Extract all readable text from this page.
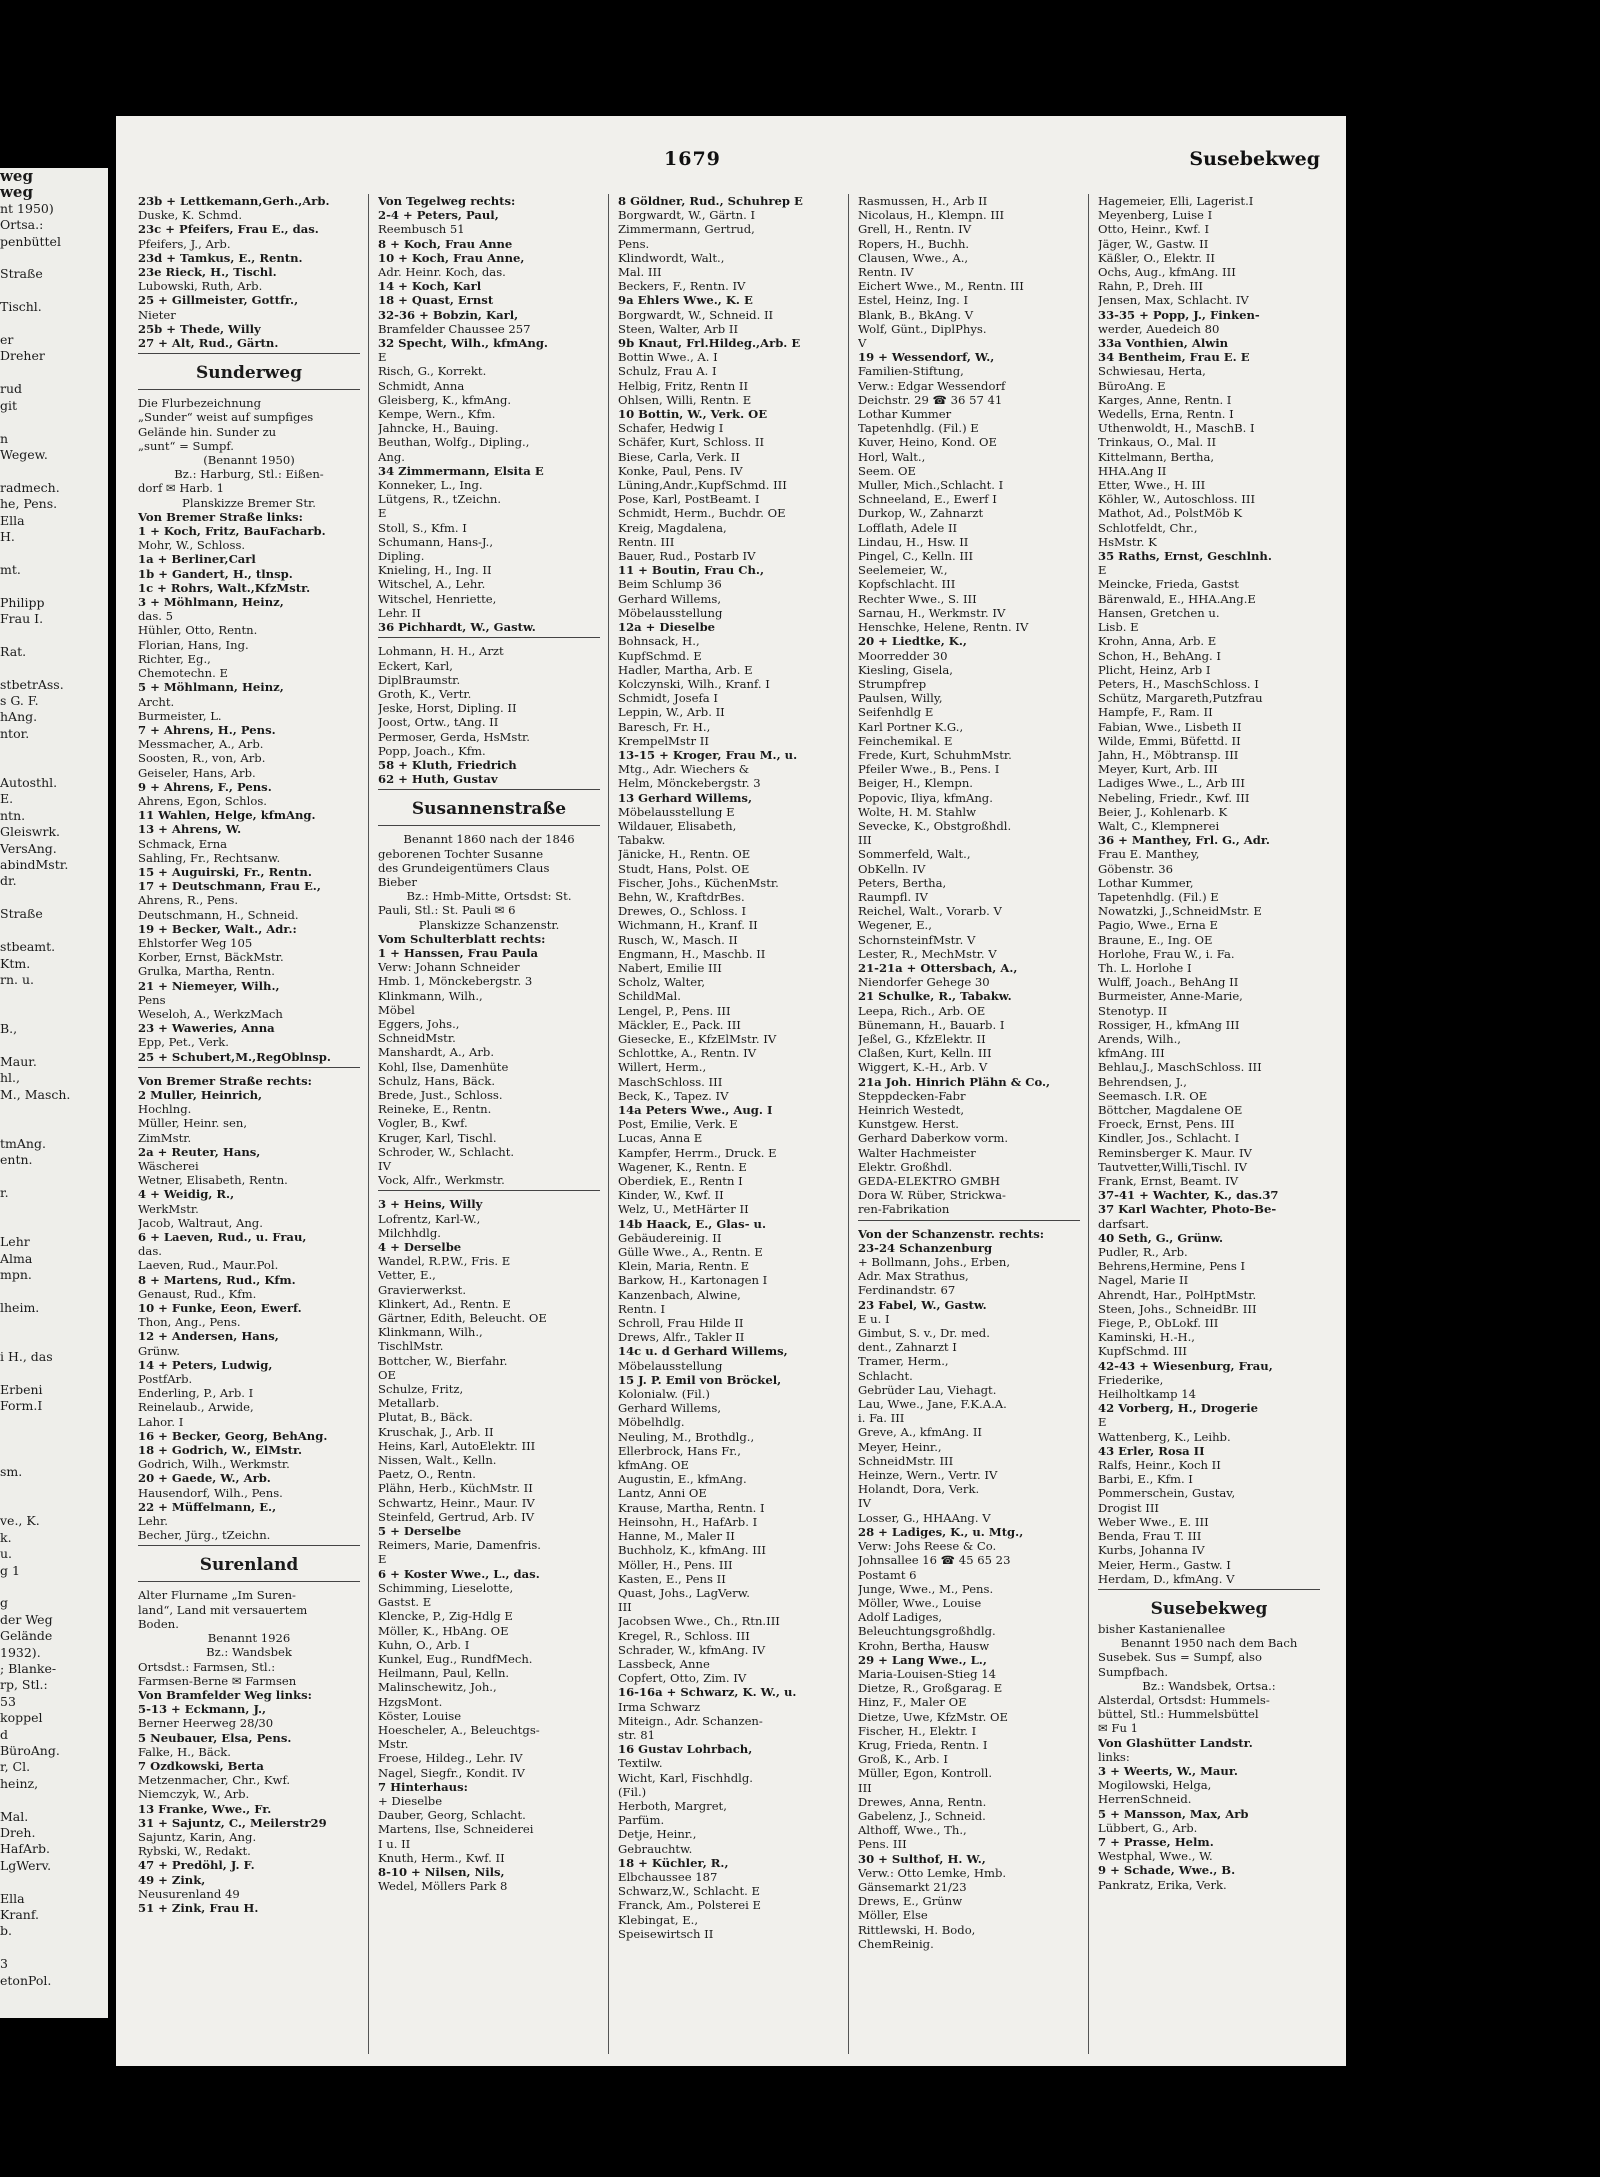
weg
weg
nt 1950)
Ortsa.:
penbüttel

Straße

Tischl.

er
Dreher

rud
git

n
Wegew.

radmech.
he, Pens.
Ella
H.

mt.

Philipp
Frau I.

Rat.

stbetrAss.
s G. F.
hAng.
ntor.

Autosthl.
E.
ntn.
Gleiswrk.
VersAng.
abindMstr.
dr.

Straße

stbeamt.
Ktm.
rn. u.

B.,

Maur.
hl.,
M., Masch.

tmAng.
entn.

r.

Lehr
Alma
mpn.

lheim.

i H., das

Erbeni
Form.I

sm.

ve., K.
k.
u.
g 1

g
der Weg
Gelände
1932).
; Blanke-
rp, Stl.:
53
koppel
d
BüroAng.
r, Cl.
heinz,

Mal.
Dreh.
HafArb.
LgWerv.

Ella
Kranf.
b.

3
etonPol.
1679	Susebekweg
23b + Lettkemann,Gerh.,Arb.
Duske, K. Schmd.
23c + Pfeifers, Frau E., das.
Pfeifers, J., Arb.
23d + Tamkus, E., Rentn.
23e Rieck, H., Tischl.
Lubowski, Ruth, Arb.
25 + Gillmeister, Gottfr.,
Nieter
25b + Thede, Willy
27 + Alt, Rud., Gärtn.
Sunderweg
Die Flurbezeichnung
„Sunder“ weist auf sumpfiges
Gelände hin. Sunder zu
„sunt“ = Sumpf.
(Benannt 1950)
Bz.: Harburg, Stl.: Eißen-
dorf ✉ Harb. 1
Planskizze Bremer Str.
Von Bremer Straße links:
1 + Koch, Fritz, BauFacharb.
Mohr, W., Schloss.
1a + Berliner,Carl
1b + Gandert, H., tlnsp.
1c + Rohrs, Walt.,KfzMstr.
3 + Möhlmann, Heinz,
das. 5
Hühler, Otto, Rentn.
Florian, Hans, Ing.
Richter, Eg.,
Chemotechn. E
5 + Möhlmann, Heinz,
Archt.
Burmeister, L.
7 + Ahrens, H., Pens.
Messmacher, A., Arb.
Soosten, R., von, Arb.
Geiseler, Hans, Arb.
9 + Ahrens, F., Pens.
Ahrens, Egon, Schlos.
11 Wahlen, Helge, kfmAng.
13 + Ahrens, W.
Schmack, Erna
Sahling, Fr., Rechtsanw.
15 + Auguirski, Fr., Rentn.
17 + Deutschmann, Frau E.,
Ahrens, R., Pens.
Deutschmann, H., Schneid.
19 + Becker, Walt., Adr.:
Ehlstorfer Weg 105
Korber, Ernst, BäckMstr.
Grulka, Martha, Rentn.
21 + Niemeyer, Wilh.,
Pens
Weseloh, A., WerkzMach
23 + Waweries, Anna
Epp, Pet., Verk.
25 + Schubert,M.,RegOblnsp.
Von Bremer Straße rechts:
2 Muller, Heinrich,
Hochlng.
Müller, Heinr. sen,
ZimMstr.
2a + Reuter, Hans,
Wäscherei
Wetner, Elisabeth, Rentn.
4 + Weidig, R.,
WerkMstr.
Jacob, Waltraut, Ang.
6 + Laeven, Rud., u. Frau,
das.
Laeven, Rud., Maur.Pol.
8 + Martens, Rud., Kfm.
Genaust, Rud., Kfm.
10 + Funke, Eeon, Ewerf.
Thon, Ang., Pens.
12 + Andersen, Hans,
Grünw.
14 + Peters, Ludwig,
PostfArb.
Enderling, P., Arb. I
Reinelaub., Arwide,
Lahor. I
16 + Becker, Georg, BehAng.
18 + Godrich, W., ElMstr.
Godrich, Wilh., Werkmstr.
20 + Gaede, W., Arb.
Hausendorf, Wilh., Pens.
22 + Müffelmann, E.,
Lehr.
Becher, Jürg., tZeichn.
Surenland
Alter Flurname „Im Suren-
land“, Land mit versauertem
Boden.
Benannt 1926
Bz.: Wandsbek
Ortsdst.: Farmsen, Stl.:
Farmsen-Berne ✉ Farmsen
Von Bramfelder Weg links:
5-13 + Eckmann, J.,
Berner Heerweg 28/30
5 Neubauer, Elsa, Pens.
Falke, H., Bäck.
7 Ozdkowski, Berta
Metzenmacher, Chr., Kwf.
Niemczyk, W., Arb.
13 Franke, Wwe., Fr.
31 + Sajuntz, C., Meilerstr29
Sajuntz, Karin, Ang.
Rybski, W., Redakt.
47 + Predöhl, J. F.
49 + Zink,
Neusurenland 49
51 + Zink, Frau H.
Von Tegelweg rechts:
2-4 + Peters, Paul,
Reembusch 51
8 + Koch, Frau Anne
10 + Koch, Frau Anne,
Adr. Heinr. Koch, das.
14 + Koch, Karl
18 + Quast, Ernst
32-36 + Bobzin, Karl,
Bramfelder Chaussee 257
32 Specht, Wilh., kfmAng.
E
Risch, G., Korrekt.
Schmidt, Anna
Gleisberg, K., kfmAng.
Kempe, Wern., Kfm.
Jahncke, H., Bauing.
Beuthan, Wolfg., Dipling.,
Ang.
34 Zimmermann, Elsita E
Konneker, L., Ing.
Lütgens, R., tZeichn.
E
Stoll, S., Kfm. I
Schumann, Hans-J.,
Dipling.
Knieling, H., Ing. II
Witschel, A., Lehr.
Witschel, Henriette,
Lehr. II
36 Pichhardt, W., Gastw.
Lohmann, H. H., Arzt
Eckert, Karl,
DiplBraumstr.
Groth, K., Vertr.
Jeske, Horst, Dipling. II
Joost, Ortw., tAng. II
Permoser, Gerda, HsMstr.
Popp, Joach., Kfm.
58 + Kluth, Friedrich
62 + Huth, Gustav
Susannenstraße
Benannt 1860 nach der 1846
geborenen Tochter Susanne
des Grundeigentümers Claus
Bieber
Bz.: Hmb-Mitte, Ortsdst: St.
Pauli, Stl.: St. Pauli ✉ 6
Planskizze Schanzenstr.
Vom Schulterblatt rechts:
1 + Hanssen, Frau Paula
Verw: Johann Schneider
Hmb. 1, Mönckebergstr. 3
Klinkmann, Wilh.,
Möbel
Eggers, Johs.,
SchneidMstr.
Manshardt, A., Arb.
Kohl, Ilse, Damenhüte
Schulz, Hans, Bäck.
Brede, Just., Schloss.
Reineke, E., Rentn.
Vogler, B., Kwf.
Kruger, Karl, Tischl.
Schroder, W., Schlacht.
IV
Vock, Alfr., Werkmstr.
3 + Heins, Willy
Lofrentz, Karl-W.,
Milchhdlg.
4 + Derselbe
Wandel, R.P.W., Fris. E
Vetter, E.,
Gravierwerkst.
Klinkert, Ad., Rentn. E
Gärtner, Edith, Beleucht. OE
Klinkmann, Wilh.,
TischlMstr.
Bottcher, W., Bierfahr.
OE
Schulze, Fritz,
Metallarb.
Plutat, B., Bäck.
Kruschak, J., Arb. II
Heins, Karl, AutoElektr. III
Nissen, Walt., Kelln.
Paetz, O., Rentn.
Plähn, Herb., KüchMstr. II
Schwartz, Heinr., Maur. IV
Steinfeld, Gertrud, Arb. IV
5 + Derselbe
Reimers, Marie, Damenfris.
E
6 + Koster Wwe., L., das.
Schimming, Lieselotte,
Gastst. E
Klencke, P., Zig-Hdlg E
Möller, K., HbAng. OE
Kuhn, O., Arb. I
Kunkel, Eug., RundfMech.
Heilmann, Paul, Kelln.
Malinschewitz, Joh.,
HzgsMont.
Köster, Louise
Hoescheler, A., Beleuchtgs-
Mstr.
Froese, Hildeg., Lehr. IV
Nagel, Siegfr., Kondit. IV
7 Hinterhaus:
+ Dieselbe
Dauber, Georg, Schlacht.
Martens, Ilse, Schneiderei
I u. II
Knuth, Herm., Kwf. II
8-10 + Nilsen, Nils,
Wedel, Möllers Park 8
8 Göldner, Rud., Schuhrep E
Borgwardt, W., Gärtn. I
Zimmermann, Gertrud,
Pens.
Klindwordt, Walt.,
Mal. III
Beckers, F., Rentn. IV
9a Ehlers Wwe., K. E
Borgwardt, W., Schneid. II
Steen, Walter, Arb II
9b Knaut, Frl.Hildeg.,Arb. E
Bottin Wwe., A. I
Schulz, Frau A. I
Helbig, Fritz, Rentn II
Ohlsen, Willi, Rentn. E
10 Bottin, W., Verk. OE
Schafer, Hedwig I
Schäfer, Kurt, Schloss. II
Biese, Carla, Verk. II
Konke, Paul, Pens. IV
Lüning,Andr.,KupfSchmd. III
Pose, Karl, PostBeamt. I
Schmidt, Herm., Buchdr. OE
Kreig, Magdalena,
Rentn. III
Bauer, Rud., Postarb IV
11 + Boutin, Frau Ch.,
Beim Schlump 36
Gerhard Willems,
Möbelausstellung
12a + Dieselbe
Bohnsack, H.,
KupfSchmd. E
Hadler, Martha, Arb. E
Kolczynski, Wilh., Kranf. I
Schmidt, Josefa I
Leppin, W., Arb. II
Baresch, Fr. H.,
KrempelMstr II
13-15 + Kroger, Frau M., u.
Mtg., Adr. Wiechers &
Helm, Mönckebergstr. 3
13 Gerhard Willems,
Möbelausstellung E
Wildauer, Elisabeth,
Tabakw.
Jänicke, H., Rentn. OE
Studt, Hans, Polst. OE
Fischer, Johs., KüchenMstr.
Behn, W., KraftdrBes.
Drewes, O., Schloss. I
Wichmann, H., Kranf. II
Rusch, W., Masch. II
Engmann, H., Maschb. II
Nabert, Emilie III
Scholz, Walter,
SchildMal.
Lengel, P., Pens. III
Mäckler, E., Pack. III
Giesecke, E., KfzElMstr. IV
Schlottke, A., Rentn. IV
Willert, Herm.,
MaschSchloss. III
Beck, K., Tapez. IV
14a Peters Wwe., Aug. I
Post, Emilie, Verk. E
Lucas, Anna E
Kampfer, Herrm., Druck. E
Wagener, K., Rentn. E
Oberdiek, E., Rentn I
Kinder, W., Kwf. II
Welz, U., MetHärter II
14b Haack, E., Glas- u.
Gebäudereinig. II
Gülle Wwe., A., Rentn. E
Klein, Maria, Rentn. E
Barkow, H., Kartonagen I
Kanzenbach, Alwine,
Rentn. I
Schroll, Frau Hilde II
Drews, Alfr., Takler II
14c u. d Gerhard Willems,
Möbelausstellung
15 J. P. Emil von Bröckel,
Kolonialw. (Fil.)
Gerhard Willems,
Möbelhdlg.
Neuling, M., Brothdlg.,
Ellerbrock, Hans Fr.,
kfmAng. OE
Augustin, E., kfmAng.
Lantz, Anni OE
Krause, Martha, Rentn. I
Heinsohn, H., HafArb. I
Hanne, M., Maler II
Buchholz, K., kfmAng. III
Möller, H., Pens. III
Kasten, E., Pens II
Quast, Johs., LagVerw.
III
Jacobsen Wwe., Ch., Rtn.III
Kregel, R., Schloss. III
Schrader, W., kfmAng. IV
Lassbeck, Anne
Copfert, Otto, Zim. IV
16-16a + Schwarz, K. W., u.
Irma Schwarz
Miteign., Adr. Schanzen-
str. 81
16 Gustav Lohrbach,
Textilw.
Wicht, Karl, Fischhdlg.
(Fil.)
Herboth, Margret,
Parfüm.
Detje, Heinr.,
Gebrauchtw.
18 + Küchler, R.,
Elbchaussee 187
Schwarz,W., Schlacht. E
Franck, Am., Polsterei E
Klebingat, E.,
Speisewirtsch II
Rasmussen, H., Arb II
Nicolaus, H., Klempn. III
Grell, H., Rentn. IV
Ropers, H., Buchh.
Clausen, Wwe., A.,
Rentn. IV
Eichert Wwe., M., Rentn. III
Estel, Heinz, Ing. I
Blank, B., BkAng. V
Wolf, Günt., DiplPhys.
V
19 + Wessendorf, W.,
Familien-Stiftung,
Verw.: Edgar Wessendorf
Deichstr. 29 ☎ 36 57 41
Lothar Kummer
Tapetenhdlg. (Fil.) E
Kuver, Heino, Kond. OE
Horl, Walt.,
Seem. OE
Muller, Mich.,Schlacht. I
Schneeland, E., Ewerf I
Durkop, W., Zahnarzt
Lofflath, Adele II
Lindau, H., Hsw. II
Pingel, C., Kelln. III
Seelemeier, W.,
Kopfschlacht. III
Rechter Wwe., S. III
Sarnau, H., Werkmstr. IV
Henschke, Helene, Rentn. IV
20 + Liedtke, K.,
Moorredder 30
Kiesling, Gisela,
Strumpfrep
Paulsen, Willy,
Seifenhdlg E
Karl Portner K.G.,
Feinchemikal. E
Frede, Kurt, SchuhmMstr.
Pfeiler Wwe., B., Pens. I
Beiger, H., Klempn.
Popovic, Iliya, kfmAng.
Wolte, H. M. Stahlw
Sevecke, K., Obstgroßhdl.
III
Sommerfeld, Walt.,
ObKelln. IV
Peters, Bertha,
Raumpfl. IV
Reichel, Walt., Vorarb. V
Wegener, E.,
SchornsteinfMstr. V
Lester, R., MechMstr. V
21-21a + Ottersbach, A.,
Niendorfer Gehege 30
21 Schulke, R., Tabakw.
Leepa, Rich., Arb. OE
Bünemann, H., Bauarb. I
Jeßel, G., KfzElektr. II
Claßen, Kurt, Kelln. III
Wiggert, K.-H., Arb. V
21a Joh. Hinrich Plähn & Co.,
Steppdecken-Fabr
Heinrich Westedt,
Kunstgew. Herst.
Gerhard Daberkow vorm.
Walter Hachmeister
Elektr. Großhdl.
GEDA-ELEKTRO GMBH
Dora W. Rüber, Strickwa-
ren-Fabrikation
Von der Schanzenstr. rechts:
23-24 Schanzenburg
+ Bollmann, Johs., Erben,
Adr. Max Strathus,
Ferdinandstr. 67
23 Fabel, W., Gastw.
E u. I
Gimbut, S. v., Dr. med.
dent., Zahnarzt I
Tramer, Herm.,
Schlacht.
Gebrüder Lau, Viehagt.
Lau, Wwe., Jane, F.K.A.A.
i. Fa. III
Greve, A., kfmAng. II
Meyer, Heinr.,
SchneidMstr. III
Heinze, Wern., Vertr. IV
Holandt, Dora, Verk.
IV
Losser, G., HHAAng. V
28 + Ladiges, K., u. Mtg.,
Verw: Johs Reese & Co.
Johnsallee 16 ☎ 45 65 23
Postamt 6
Junge, Wwe., M., Pens.
Möller, Wwe., Louise
Adolf Ladiges,
Beleuchtungsgroßhdlg.
Krohn, Bertha, Hausw
29 + Lang Wwe., L.,
Maria-Louisen-Stieg 14
Dietze, R., Großgarag. E
Hinz, F., Maler OE
Dietze, Uwe, KfzMstr. OE
Fischer, H., Elektr. I
Krug, Frieda, Rentn. I
Groß, K., Arb. I
Müller, Egon, Kontroll.
III
Drewes, Anna, Rentn.
Gabelenz, J., Schneid.
Althoff, Wwe., Th.,
Pens. III
30 + Sulthof, H. W.,
Verw.: Otto Lemke, Hmb.
Gänsemarkt 21/23
Drews, E., Grünw
Möller, Else
Rittlewski, H. Bodo,
ChemReinig.
Hagemeier, Elli, Lagerist.I
Meyenberg, Luise I
Otto, Heinr., Kwf. I
Jäger, W., Gastw. II
Käßler, O., Elektr. II
Ochs, Aug., kfmAng. III
Rahn, P., Dreh. III
Jensen, Max, Schlacht. IV
33-35 + Popp, J., Finken-
werder, Auedeich 80
33a Vonthien, Alwin
34 Bentheim, Frau E. E
Schwiesau, Herta,
BüroAng. E
Karges, Anne, Rentn. I
Wedells, Erna, Rentn. I
Uthenwoldt, H., MaschB. I
Trinkaus, O., Mal. II
Kittelmann, Bertha,
HHA.Ang II
Etter, Wwe., H. III
Köhler, W., Autoschloss. III
Mathot, Ad., PolstMöb K
Schlotfeldt, Chr.,
HsMstr. K
35 Raths, Ernst, Geschlnh.
E
Meincke, Frieda, Gastst
Bärenwald, E., HHA.Ang.E
Hansen, Gretchen u.
Lisb. E
Krohn, Anna, Arb. E
Schon, H., BehAng. I
Plicht, Heinz, Arb I
Peters, H., MaschSchloss. I
Schütz, Margareth,Putzfrau
Hampfe, F., Ram. II
Fabian, Wwe., Lisbeth II
Wilde, Emmi, Büfettd. II
Jahn, H., Möbtransp. III
Meyer, Kurt, Arb. III
Ladiges Wwe., L., Arb III
Nebeling, Friedr., Kwf. III
Beier, J., Kohlenarb. K
Walt, C., Klempnerei
36 + Manthey, Frl. G., Adr.
Frau E. Manthey,
Göbenstr. 36
Lothar Kummer,
Tapetenhdlg. (Fil.) E
Nowatzki, J.,SchneidMstr. E
Pagio, Wwe., Erna E
Braune, E., Ing. OE
Horlohe, Frau W., i. Fa.
Th. L. Horlohe I
Wulff, Joach., BehAng II
Burmeister, Anne-Marie,
Stenotyp. II
Rossiger, H., kfmAng III
Arends, Wilh.,
kfmAng. III
Behlau,J., MaschSchloss. III
Behrendsen, J.,
Seemasch. I.R. OE
Böttcher, Magdalene OE
Froeck, Ernst, Pens. III
Kindler, Jos., Schlacht. I
Reminsberger K. Maur. IV
Tautvetter,Willi,Tischl. IV
Frank, Ernst, Beamt. IV
37-41 + Wachter, K., das.37
37 Karl Wachter, Photo-Be-
darfsart.
40 Seth, G., Grünw.
Pudler, R., Arb.
Behrens,Hermine, Pens I
Nagel, Marie II
Ahrendt, Har., PolHptMstr.
Steen, Johs., SchneidBr. III
Fiege, P., ObLokf. III
Kaminski, H.-H.,
KupfSchmd. III
42-43 + Wiesenburg, Frau,
Friederike,
Heilholtkamp 14
42 Vorberg, H., Drogerie
E
Wattenberg, K., Leihb.
43 Erler, Rosa II
Ralfs, Heinr., Koch II
Barbi, E., Kfm. I
Pommerschein, Gustav,
Drogist III
Weber Wwe., E. III
Benda, Frau T. III
Kurbs, Johanna IV
Meier, Herm., Gastw. I
Herdam, D., kfmAng. V
Susebekweg
bisher Kastanienallee
Benannt 1950 nach dem Bach
Susebek. Sus = Sumpf, also
Sumpfbach.
Bz.: Wandsbek, Ortsa.:
Alsterdal, Ortsdst: Hummels-
büttel, Stl.: Hummelsbüttel
✉ Fu 1
Von Glashütter Landstr.
links:
3 + Weerts, W., Maur.
Mogilowski, Helga,
HerrenSchneid.
5 + Mansson, Max, Arb
Lübbert, G., Arb.
7 + Prasse, Helm.
Westphal, Wwe., W.
9 + Schade, Wwe., B.
Pankratz, Erika, Verk.
